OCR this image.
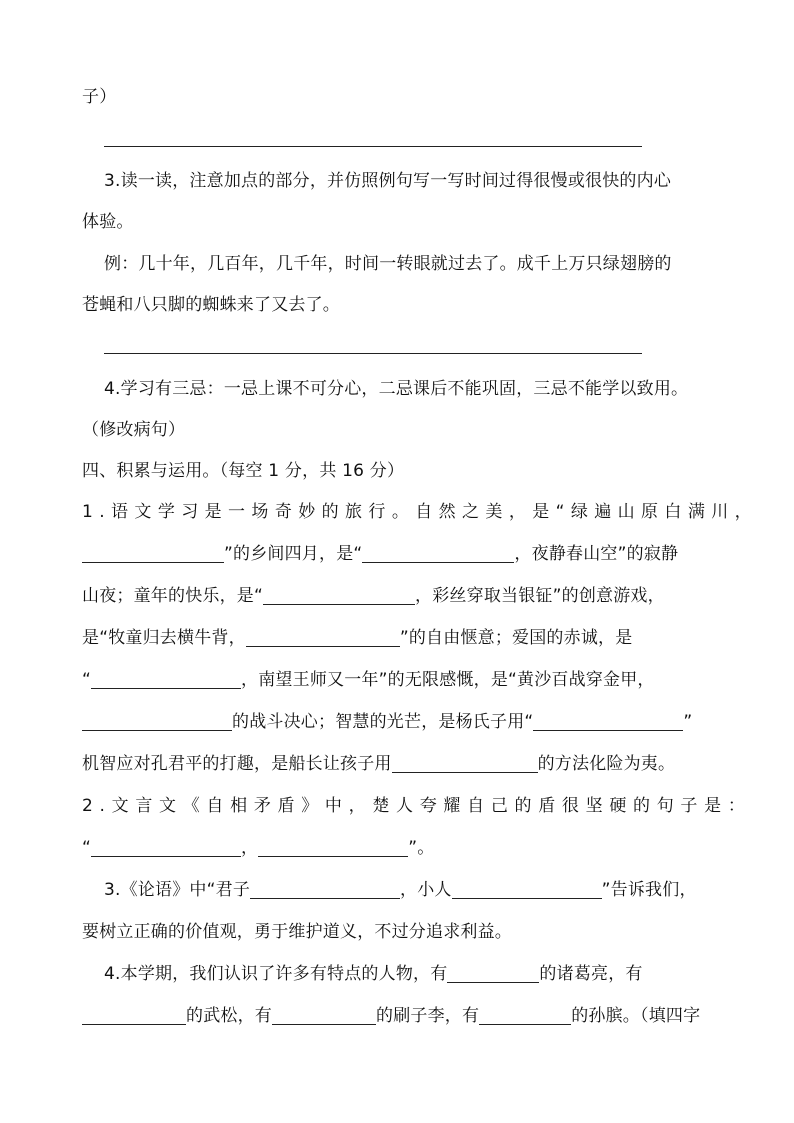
子）
3.读一读，注意加点的部分，并仿照例句写一写时间过得很慢或很快的内心
体验。
例：几十年，几百年，几千年，时间一转眼就过去了。成千上万只绿翅膀的
苍蝇和八只脚的蜘蛛来了又去了。
4.学习有三忌：一忌上课不可分心，二忌课后不能巩固，三忌不能学以致用。
（修改病句）
四、积累与运用。（每空 1 分，共 16 分）
1.语文学习是一场奇妙的旅行。自然之美，是“绿遍山原白满川，
”的乡间四月，是“	，夜静春山空”的寂静
山夜；童年的快乐，是“	，彩丝穿取当银钲”的创意游戏，
是“牧童归去横牛背，	”的自由惬意；爱国的赤诚，是
“	，南望王师又一年”的无限感慨，是“黄沙百战穿金甲，
的战斗决心；智慧的光芒，是杨氏子用“	”
机智应对孔君平的打趣，是船长让孩子用	的方法化险为夷。
2.文言文《自相矛盾》中，楚人夸耀自己的盾很坚硬的句子是：
“	，	”。
3.《论语》中“君子	，小人	”告诉我们，
要树立正确的价值观，勇于维护道义，不过分追求利益。
4.本学期，我们认识了许多有特点的人物，有	的诸葛亮，有
的武松，有	的刷子李，有	的孙膑。（填四字
